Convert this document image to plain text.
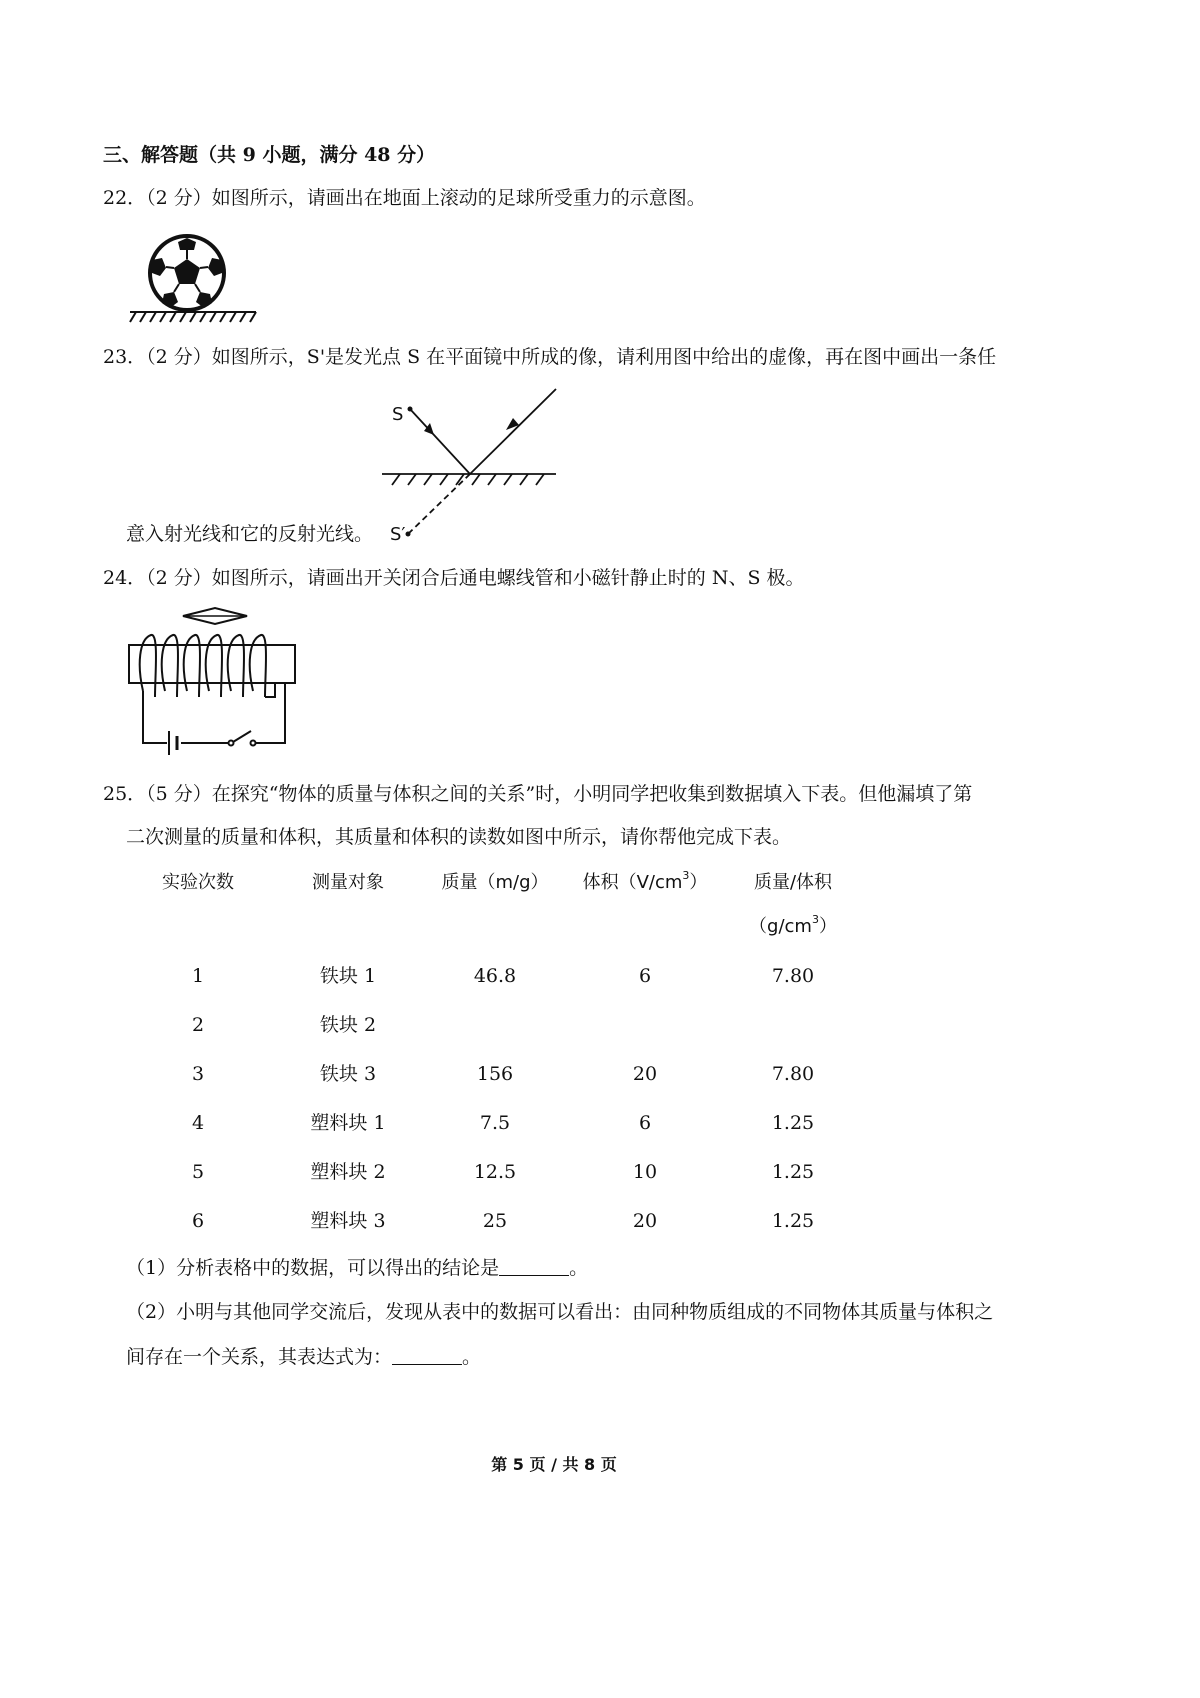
三、解答题（共 9 小题，满分 48 分）
22．（2 分）如图所示，请画出在地面上滚动的足球所受重力的示意图。
23．（2 分）如图所示，S'是发光点 S 在平面镜中所成的像，请利用图中给出的虚像，再在图中画出一条任
S
S′
意入射光线和它的反射光线。
24．（2 分）如图所示，请画出开关闭合后通电螺线管和小磁针静止时的 N、S 极。
25．（5 分）在探究“物体的质量与体积之间的关系”时，小明同学把收集到数据填入下表。但他漏填了第
二次测量的质量和体积，其质量和体积的读数如图中所示，请你帮他完成下表。
实验次数	测量对象	质量（m/g）	体积$(V/cm^3)$	质量/体积
$(g/cm^3)$
1	铁块 1	46.8	6	7.80
2	铁块 2
3	铁块 3	156	20	7.80
4	塑料块 1	7.5	6	1.25
5	塑料块 2	12.5	10	1.25
6	塑料块 3	25	20	1.25
（1）分析表格中的数据，可以得出的结论是	。
（2）小明与其他同学交流后，发现从表中的数据可以看出：由同种物质组成的不同物体其质量与体积之
间存在一个关系，其表达式为：	。
第 5 页 / 共 8 页
